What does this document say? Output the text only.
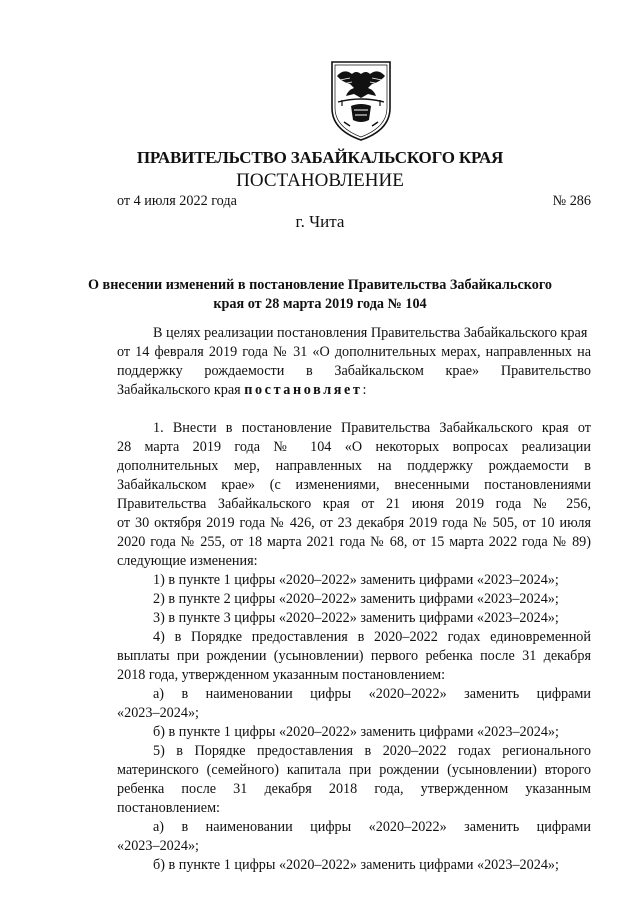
ПРАВИТЕЛЬСТВО ЗАБАЙКАЛЬСКОГО КРАЯ
ПОСТАНОВЛЕНИЕ
от 4 июля 2022 года	№ 286
г. Чита
О внесении изменений в постановление Правительства Забайкальского
края от 28 марта 2019 года № 104
В целях реализации постановления Правительства Забайкальского края
от 14 февраля 2019 года № 31 «О дополнительных мерах, направленных на
поддержку рождаемости в Забайкальском крае» Правительство
Забайкальского края постановляет:
1. Внести в постановление Правительства Забайкальского края от
28 марта 2019 года № 104 «О некоторых вопросах реализации
дополнительных мер, направленных на поддержку рождаемости в
Забайкальском крае» (с изменениями, внесенными постановлениями
Правительства Забайкальского края от 21 июня 2019 года № 256,
от 30 октября 2019 года № 426, от 23 декабря 2019 года № 505, от 10 июля
2020 года № 255, от 18 марта 2021 года № 68, от 15 марта 2022 года № 89)
следующие изменения:
1) в пункте 1 цифры «2020–2022» заменить цифрами «2023–2024»;
2) в пункте 2 цифры «2020–2022» заменить цифрами «2023–2024»;
3) в пункте 3 цифры «2020–2022» заменить цифрами «2023–2024»;
4) в Порядке предоставления в 2020–2022 годах единовременной
выплаты при рождении (усыновлении) первого ребенка после 31 декабря
2018 года, утвержденном указанным постановлением:
а) в наименовании цифры «2020–2022» заменить цифрами
«2023–2024»;
б) в пункте 1 цифры «2020–2022» заменить цифрами «2023–2024»;
5) в Порядке предоставления в 2020–2022 годах регионального
материнского (семейного) капитала при рождении (усыновлении) второго
ребенка после 31 декабря 2018 года, утвержденном указанным
постановлением:
а) в наименовании цифры «2020–2022» заменить цифрами
«2023–2024»;
б) в пункте 1 цифры «2020–2022» заменить цифрами «2023–2024»;
